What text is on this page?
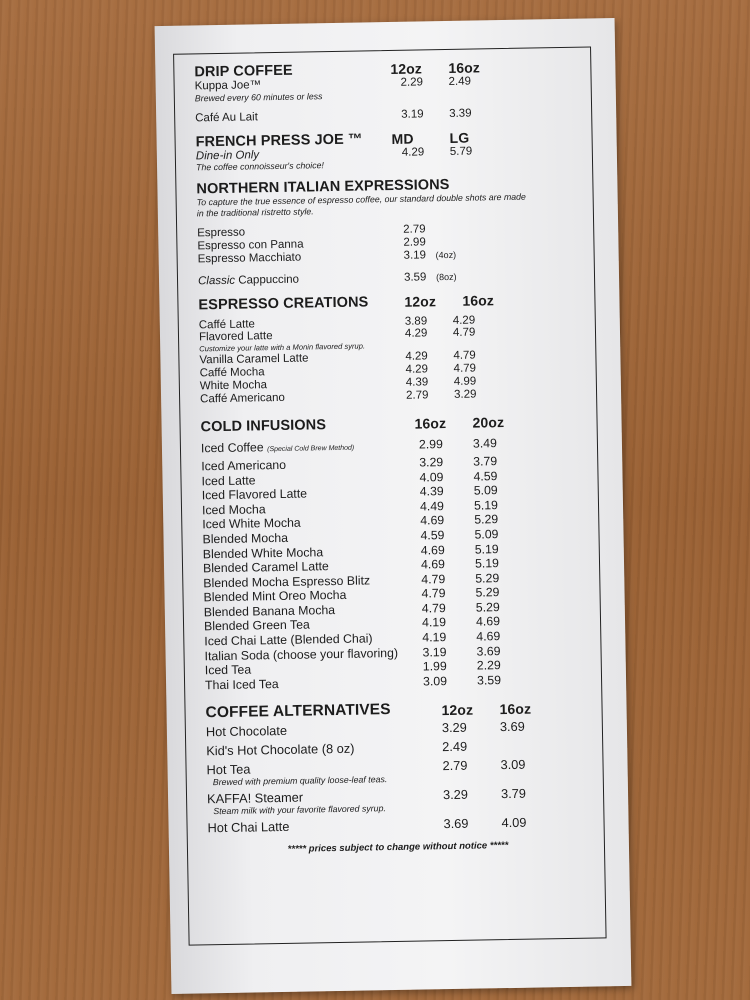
DRIP COFFEE	12oz	16oz
Kuppa Joe™	2.29	2.49
Brewed every 60 minutes or less
Café Au Lait	3.19	3.39
FRENCH PRESS JOE ™	MD	LG
Dine-in Only	4.29	5.79
The coffee connoisseur's choice!
NORTHERN ITALIAN EXPRESSIONS
To capture the true essence of espresso coffee, our standard double shots are made in the traditional ristretto style.
Espresso	2.79
Espresso con Panna	2.99
Espresso Macchiato	3.19	(4oz)
Classic Cappuccino	3.59	(8oz)
ESPRESSO CREATIONS	12oz	16oz
Caffé Latte	3.89	4.29
Flavored Latte	4.29	4.79
Customize your latte with a Monin flavored syrup.
Vanilla Caramel Latte	4.29	4.79
Caffé Mocha	4.29	4.79
White Mocha	4.39	4.99
Caffé Americano	2.79	3.29
COLD INFUSIONS	16oz	20oz
Iced Coffee (Special Cold Brew Method)	2.99	3.49
Iced Americano	3.29	3.79
Iced Latte	4.09	4.59
Iced Flavored Latte	4.39	5.09
Iced Mocha	4.49	5.19
Iced White Mocha	4.69	5.29
Blended Mocha	4.59	5.09
Blended White Mocha	4.69	5.19
Blended Caramel Latte	4.69	5.19
Blended Mocha Espresso Blitz	4.79	5.29
Blended Mint Oreo Mocha	4.79	5.29
Blended Banana Mocha	4.79	5.29
Blended Green Tea	4.19	4.69
Iced Chai Latte (Blended Chai)	4.19	4.69
Italian Soda (choose your flavoring)	3.19	3.69
Iced Tea	1.99	2.29
Thai Iced Tea	3.09	3.59
COFFEE ALTERNATIVES	12oz	16oz
Hot Chocolate	3.29	3.69
Kid's Hot Chocolate (8 oz)	2.49
Hot Tea	2.79	3.09
Brewed with premium quality loose-leaf teas.
KAFFA! Steamer	3.29	3.79
Steam milk with your favorite flavored syrup.
Hot Chai Latte	3.69	4.09
***** prices subject to change without notice *****
